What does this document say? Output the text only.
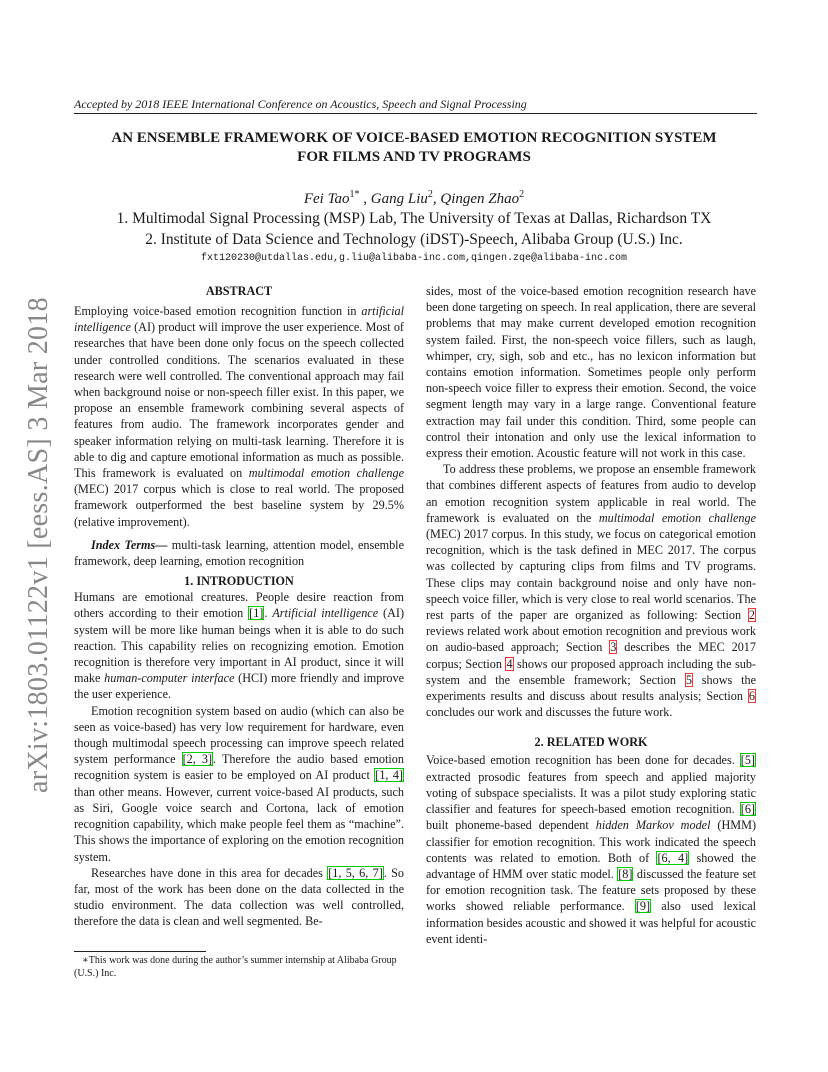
Accepted by 2018 IEEE International Conference on Acoustics, Speech and Signal Processing
AN ENSEMBLE FRAMEWORK OF VOICE-BASED EMOTION RECOGNITION SYSTEM
FOR FILMS AND TV PROGRAMS
Fei Tao$^{1*}$ , Gang Liu$^2$, Qingen Zhao$^2$
1. Multimodal Signal Processing (MSP) Lab, The University of Texas at Dallas, Richardson TX
2. Institute of Data Science and Technology (iDST)-Speech, Alibaba Group (U.S.) Inc.
fxt120230@utdallas.edu,g.liu@alibaba-inc.com,qingen.zqe@alibaba-inc.com
arXiv:1803.01122v1 [eess.AS] 3 Mar 2018
ABSTRACT

Employing voice-based emotion recognition function in artificial intelligence (AI) product will improve the user experience. Most of researches that have been done only focus on the speech collected under controlled conditions. The scenarios evaluated in these research were well controlled. The conventional approach may fail when background noise or non-speech filler exist. In this paper, we propose an ensemble framework combining several aspects of features from audio. The framework incorporates gender and speaker information relying on multi-task learning. Therefore it is able to dig and capture emotional information as much as possible. This framework is evaluated on multimodal emotion challenge (MEC) 2017 corpus which is close to real world. The proposed framework outperformed the best baseline system by 29.5% (relative improvement).

Index Terms— multi-task learning, attention model, ensemble framework, deep learning, emotion recognition

1. INTRODUCTION

Humans are emotional creatures. People desire reaction from others according to their emotion [1]. Artificial intelligence (AI) system will be more like human beings when it is able to do such reaction. This capability relies on recognizing emotion. Emotion recognition is therefore very important in AI product, since it will make human-computer interface (HCI) more friendly and improve the user experience.

Emotion recognition system based on audio (which can also be seen as voice-based) has very low requirement for hardware, even though multimodal speech processing can improve speech related system performance [2, 3]. Therefore the audio based emotion recognition system is easier to be employed on AI product [1, 4] than other means. However, current voice-based AI products, such as Siri, Google voice search and Cortona, lack of emotion recognition capability, which make people feel them as “machine”. This shows the importance of exploring on the emotion recognition system.

Researches have done in this area for decades [1, 5, 6, 7]. So far, most of the work has been done on the data collected in the studio environment. The data collection was well controlled, therefore the data is clean and well segmented. Be-

∗This work was done during the author’s summer internship at Alibaba Group (U.S.) Inc.

sides, most of the voice-based emotion recognition research have been done targeting on speech. In real application, there are several problems that may make current developed emotion recognition system failed. First, the non-speech voice fillers, such as laugh, whimper, cry, sigh, sob and etc., has no lexicon information but contains emotion information. Sometimes people only perform non-speech voice filler to express their emotion. Second, the voice segment length may vary in a large range. Conventional feature extraction may fail under this condition. Third, some people can control their intonation and only use the lexical information to express their emotion. Acoustic feature will not work in this case.

To address these problems, we propose an ensemble framework that combines different aspects of features from audio to develop an emotion recognition system applicable in real world. The framework is evaluated on the multimodal emotion challenge (MEC) 2017 corpus. In this study, we focus on categorical emotion recognition, which is the task defined in MEC 2017. The corpus was collected by capturing clips from films and TV programs. These clips may contain background noise and only have non-speech voice filler, which is very close to real world scenarios. The rest parts of the paper are organized as following: Section 2 reviews related work about emotion recognition and previous work on audio-based approach; Section 3 describes the MEC 2017 corpus; Section 4 shows our proposed approach including the sub-system and the ensemble framework; Section 5 shows the experiments results and discuss about results analysis; Section 6 concludes our work and discusses the future work.

2. RELATED WORK

Voice-based emotion recognition has been done for decades. [5] extracted prosodic features from speech and applied majority voting of subspace specialists. It was a pilot study exploring static classifier and features for speech-based emotion recognition. [6] built phoneme-based dependent hidden Markov model (HMM) classifier for emotion recognition. This work indicated the speech contents was related to emotion. Both of [6, 4] showed the advantage of HMM over static model. [8] discussed the feature set for emotion recognition task. The feature sets proposed by these works showed reliable performance. [9] also used lexical information besides acoustic and showed it was helpful for acoustic event identi-
